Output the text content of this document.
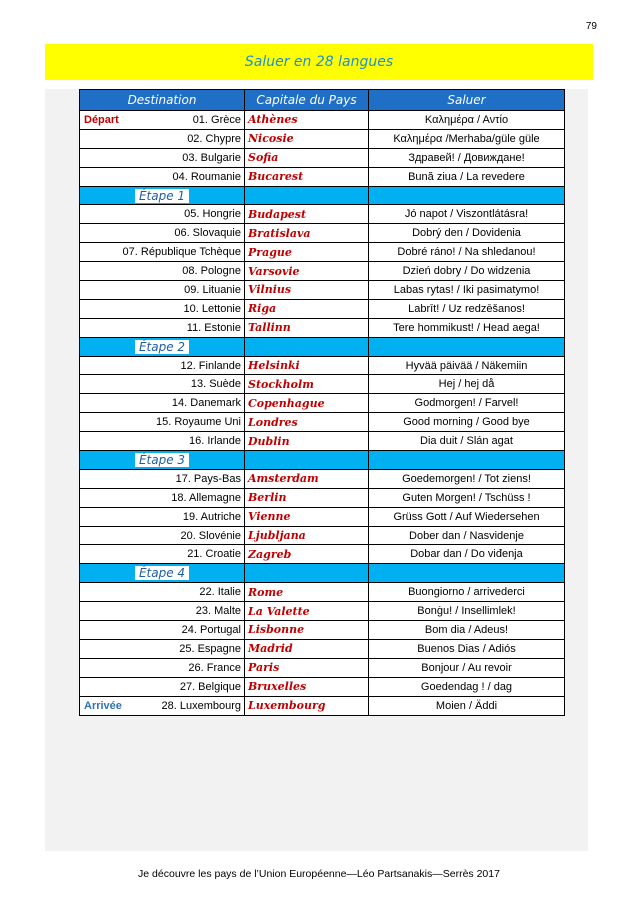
79
Saluer en 28 langues
Destination	Capitale du Pays	Saluer

Départ 01. Grèce	Athènes	Καλημέρα / Αντίο
02. Chypre	Nicosie	Καλημέρα /Merhaba/güle güle
03. Bulgarie	Sofia	Здравей! / Довиждане!
04. Roumanie	Bucarest	Bună ziua / La revedere
Étape 1		
05. Hongrie	Budapest	Jó napot / Viszontlátásra!
06. Slovaquie	Bratislava	Dobrý den / Dovidenia
07. République Tchèque	Prague	Dobré ráno! / Na shledanou!
08. Pologne	Varsovie	Dzień dobry / Do widzenia
09. Lituanie	Vilnius	Labas rytas! / Iki pasimatymo!
10. Lettonie	Riga	Labrīt! / Uz redzēšanos!
11. Estonie	Tallinn	Tere hommikust! / Head aega!
Étape 2		
12. Finlande	Helsinki	Hyvää päivää / Näkemiin
13. Suède	Stockholm	Hej / hej då
14. Danemark	Copenhague	Godmorgen! / Farvel!
15. Royaume Uni	Londres	Good morning / Good bye
16. Irlande	Dublin	Dia duit / Slán agat
Étape 3		
17. Pays-Bas	Amsterdam	Goedemorgen! / Tot ziens!
18. Allemagne	Berlin	Guten Morgen! / Tschüss !
19. Autriche	Vienne	Grüss Gott / Auf Wiedersehen
20. Slovénie	Ljubljana	Dober dan / Nasvidenje
21. Croatie	Zagreb	Dobar dan / Do viđenja
Étape 4		
22. Italie	Rome	Buongiorno / arrivederci
23. Malte	La Valette	Bonġu! / Insellimlek!
24. Portugal	Lisbonne	Bom dia / Adeus!
25. Espagne	Madrid	Buenos Dias / Adiós
26. France	Paris	Bonjour / Au revoir
27. Belgique	Bruxelles	Goedendag ! / dag

Arrivée 28. Luxembourg	Luxembourg	Moien / Äddi
Je découvre les pays de l’Union Européenne—Léo Partsanakis—Serrès 2017
